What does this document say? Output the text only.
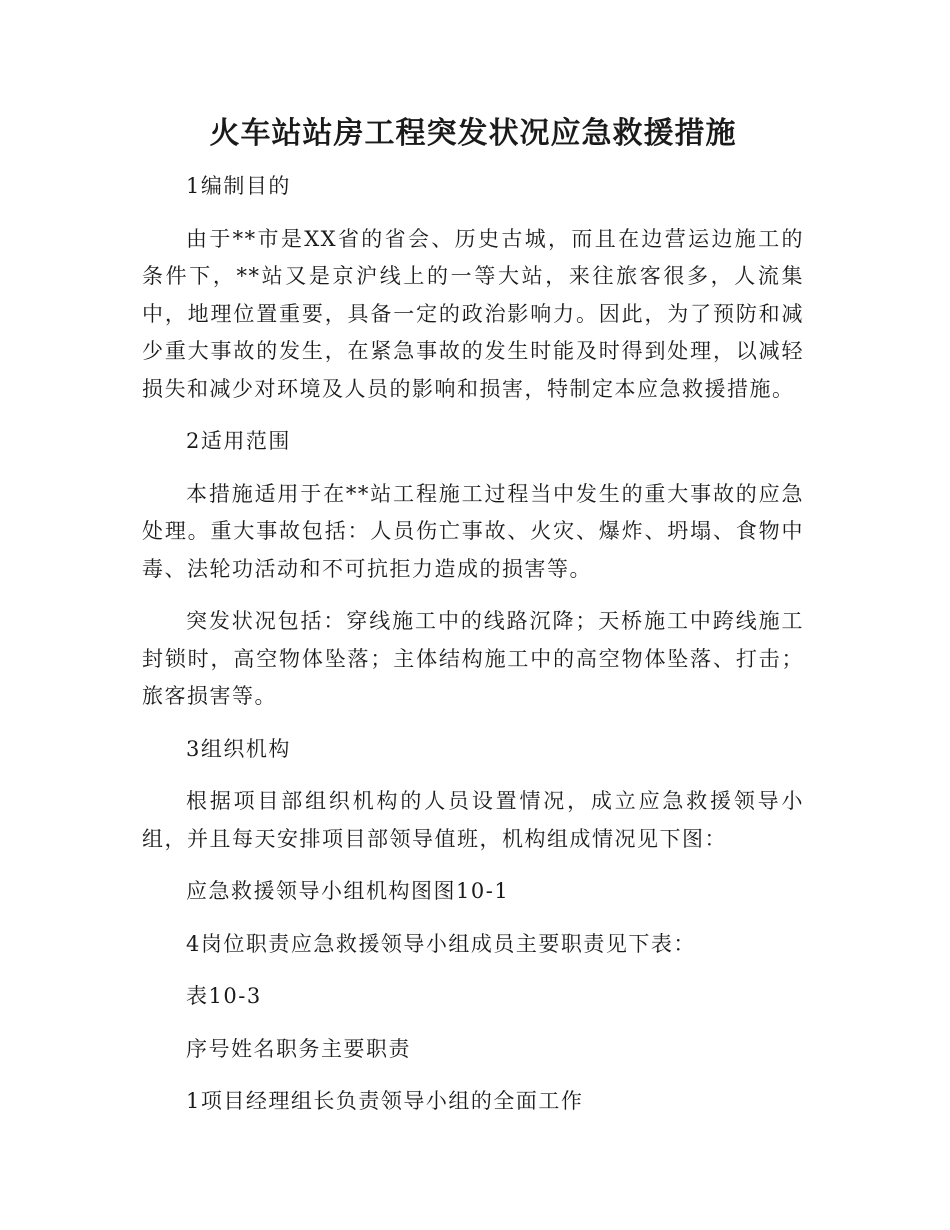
火车站站房工程突发状况应急救援措施

1编制目的

由于**市是XX省的省会、历史古城，而且在边营运边施工的条件下，**站又是京沪线上的一等大站，来往旅客很多，人流集中，地理位置重要，具备一定的政治影响力。因此，为了预防和减少重大事故的发生，在紧急事故的发生时能及时得到处理，以减轻损失和减少对环境及人员的影响和损害，特制定本应急救援措施。

2适用范围

本措施适用于在**站工程施工过程当中发生的重大事故的应急处理。重大事故包括：人员伤亡事故、火灾、爆炸、坍塌、食物中毒、法轮功活动和不可抗拒力造成的损害等。

突发状况包括：穿线施工中的线路沉降；天桥施工中跨线施工封锁时，高空物体坠落；主体结构施工中的高空物体坠落、打击；旅客损害等。

3组织机构

根据项目部组织机构的人员设置情况，成立应急救援领导小组，并且每天安排项目部领导值班，机构组成情况见下图：

应急救援领导小组机构图图10-1

4岗位职责应急救援领导小组成员主要职责见下表：

表10-3

序号姓名职务主要职责

1项目经理组长负责领导小组的全面工作
